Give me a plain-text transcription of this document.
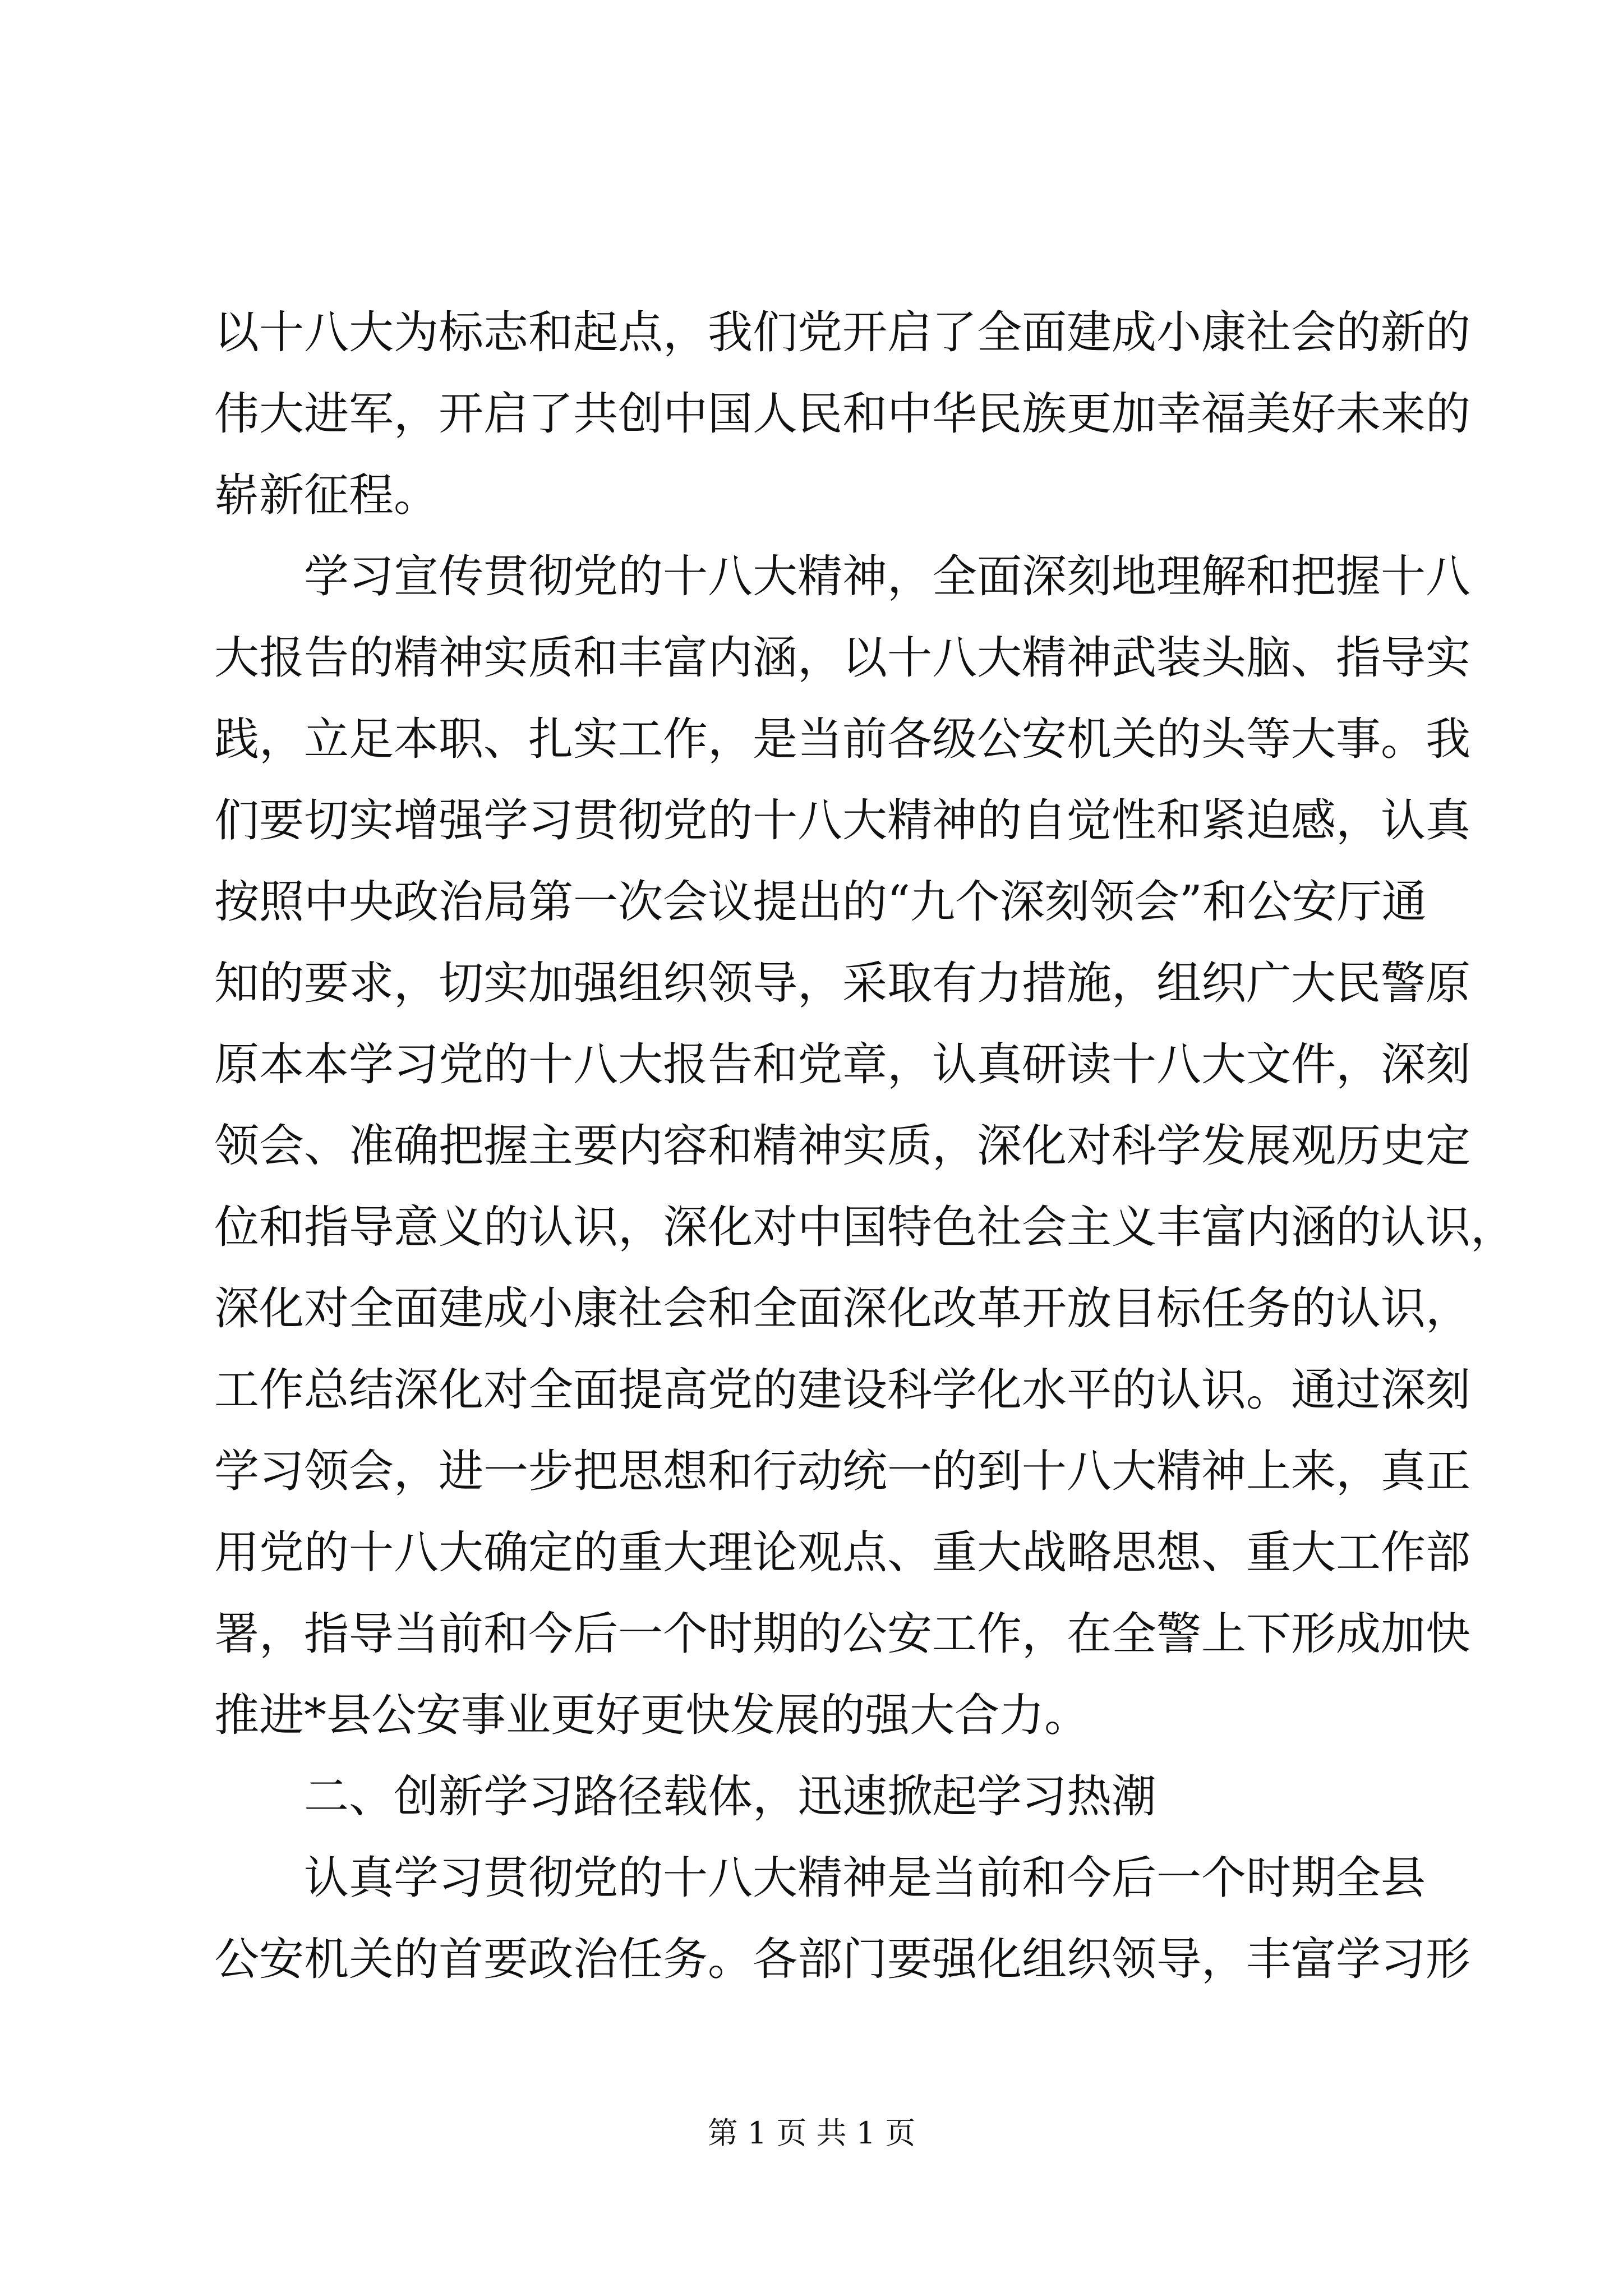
以十八大为标志和起点，我们党开启了全面建成小康社会的新的
伟大进军，开启了共创中国人民和中华民族更加幸福美好未来的
崭新征程。
学习宣传贯彻党的十八大精神，全面深刻地理解和把握十八
大报告的精神实质和丰富内涵，以十八大精神武装头脑、指导实
践，立足本职、扎实工作，是当前各级公安机关的头等大事。我
们要切实增强学习贯彻党的十八大精神的自觉性和紧迫感，认真
按照中央政治局第一次会议提出的“九个深刻领会”和公安厅通
知的要求，切实加强组织领导，采取有力措施，组织广大民警原
原本本学习党的十八大报告和党章，认真研读十八大文件，深刻
领会、准确把握主要内容和精神实质，深化对科学发展观历史定
位和指导意义的认识，深化对中国特色社会主义丰富内涵的认识，
深化对全面建成小康社会和全面深化改革开放目标任务的认识，
工作总结深化对全面提高党的建设科学化水平的认识。通过深刻
学习领会，进一步把思想和行动统一的到十八大精神上来，真正
用党的十八大确定的重大理论观点、重大战略思想、重大工作部
署，指导当前和今后一个时期的公安工作，在全警上下形成加快
推进*县公安事业更好更快发展的强大合力。
二、创新学习路径载体，迅速掀起学习热潮
认真学习贯彻党的十八大精神是当前和今后一个时期全县
公安机关的首要政治任务。各部门要强化组织领导，丰富学习形
第 1 页 共 1 页
